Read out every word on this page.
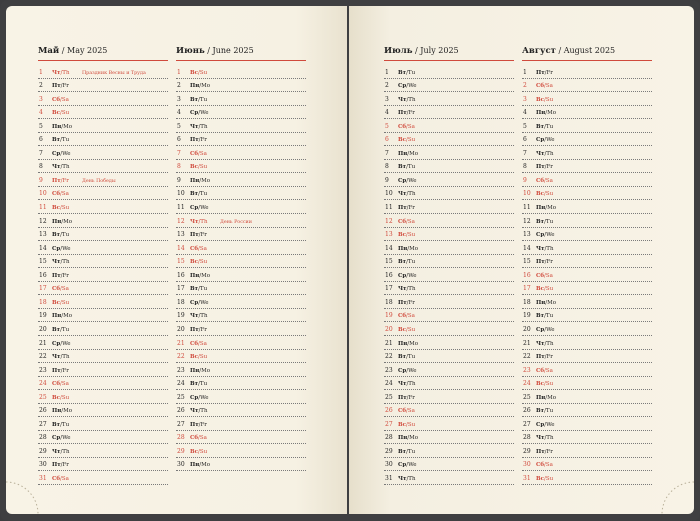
Май / May 2025
1 Чт/Th	Праздник Весны и Труда
2 Пт/Fr
3 Сб/Sa
4 Вс/Su
5 Пн/Mo
6 Вт/Tu
7 Ср/We
8 Чт/Th
9 Пт/Fr	День Победы
10 Сб/Sa
11 Вс/Su
12 Пн/Mo
13 Вт/Tu
14 Ср/We
15 Чт/Th
16 Пт/Fr
17 Сб/Sa
18 Вс/Su
19 Пн/Mo
20 Вт/Tu
21 Ср/We
22 Чт/Th
23 Пт/Fr
24 Сб/Sa
25 Вс/Su
26 Пн/Mo
27 Вт/Tu
28 Ср/We
29 Чт/Th
30 Пт/Fr
31 Сб/Sa
Июнь / June 2025
1 Вс/Su
2 Пн/Mo
3 Вт/Tu
4 Ср/We
5 Чт/Th
6 Пт/Fr
7 Сб/Sa
8 Вс/Su
9 Пн/Mo
10 Вт/Tu
11 Ср/We
12 Чт/Th	День России
13 Пт/Fr
14 Сб/Sa
15 Вс/Su
16 Пн/Mo
17 Вт/Tu
18 Ср/We
19 Чт/Th
20 Пт/Fr
21 Сб/Sa
22 Вс/Su
23 Пн/Mo
24 Вт/Tu
25 Ср/We
26 Чт/Th
27 Пт/Fr
28 Сб/Sa
29 Вс/Su
30 Пн/Mo
Июль / July 2025
1 Вт/Tu
2 Ср/We
3 Чт/Th
4 Пт/Fr
5 Сб/Sa
6 Вс/Su
7 Пн/Mo
8 Вт/Tu
9 Ср/We
10 Чт/Th
11 Пт/Fr
12 Сб/Sa
13 Вс/Su
14 Пн/Mo
15 Вт/Tu
16 Ср/We
17 Чт/Th
18 Пт/Fr
19 Сб/Sa
20 Вс/Su
21 Пн/Mo
22 Вт/Tu
23 Ср/We
24 Чт/Th
25 Пт/Fr
26 Сб/Sa
27 Вс/Su
28 Пн/Mo
29 Вт/Tu
30 Ср/We
31 Чт/Th
Август / August 2025
1 Пт/Fr
2 Сб/Sa
3 Вс/Su
4 Пн/Mo
5 Вт/Tu
6 Ср/We
7 Чт/Th
8 Пт/Fr
9 Сб/Sa
10 Вс/Su
11 Пн/Mo
12 Вт/Tu
13 Ср/We
14 Чт/Th
15 Пт/Fr
16 Сб/Sa
17 Вс/Su
18 Пн/Mo
19 Вт/Tu
20 Ср/We
21 Чт/Th
22 Пт/Fr
23 Сб/Sa
24 Вс/Su
25 Пн/Mo
26 Вт/Tu
27 Ср/We
28 Чт/Th
29 Пт/Fr
30 Сб/Sa
31 Вс/Su
